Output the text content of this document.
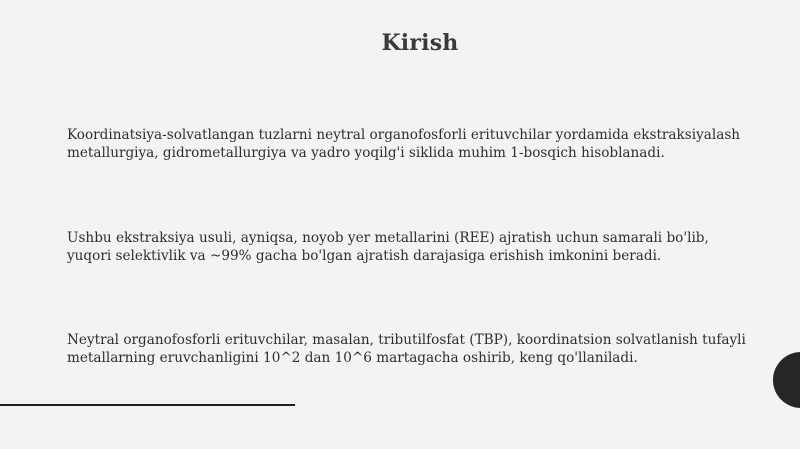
Kirish
Koordinatsiya-solvatlangan tuzlarni neytral organofosforli erituvchilar yordamida ekstraksiyalash metallurgiya, gidrometallurgiya va yadro yoqilg'i siklida muhim 1-bosqich hisoblanadi.
Ushbu ekstraksiya usuli, ayniqsa, noyob yer metallarini (REE) ajratish uchun samarali bo'lib, yuqori selektivlik va ~99% gacha bo'lgan ajratish darajasiga erishish imkonini beradi.
Neytral organofosforli erituvchilar, masalan, tributilfosfat (TBP), koordinatsion solvatlanish tufayli metallarning eruvchanligini 10^2 dan 10^6 martagacha oshirib, keng qo'llaniladi.
